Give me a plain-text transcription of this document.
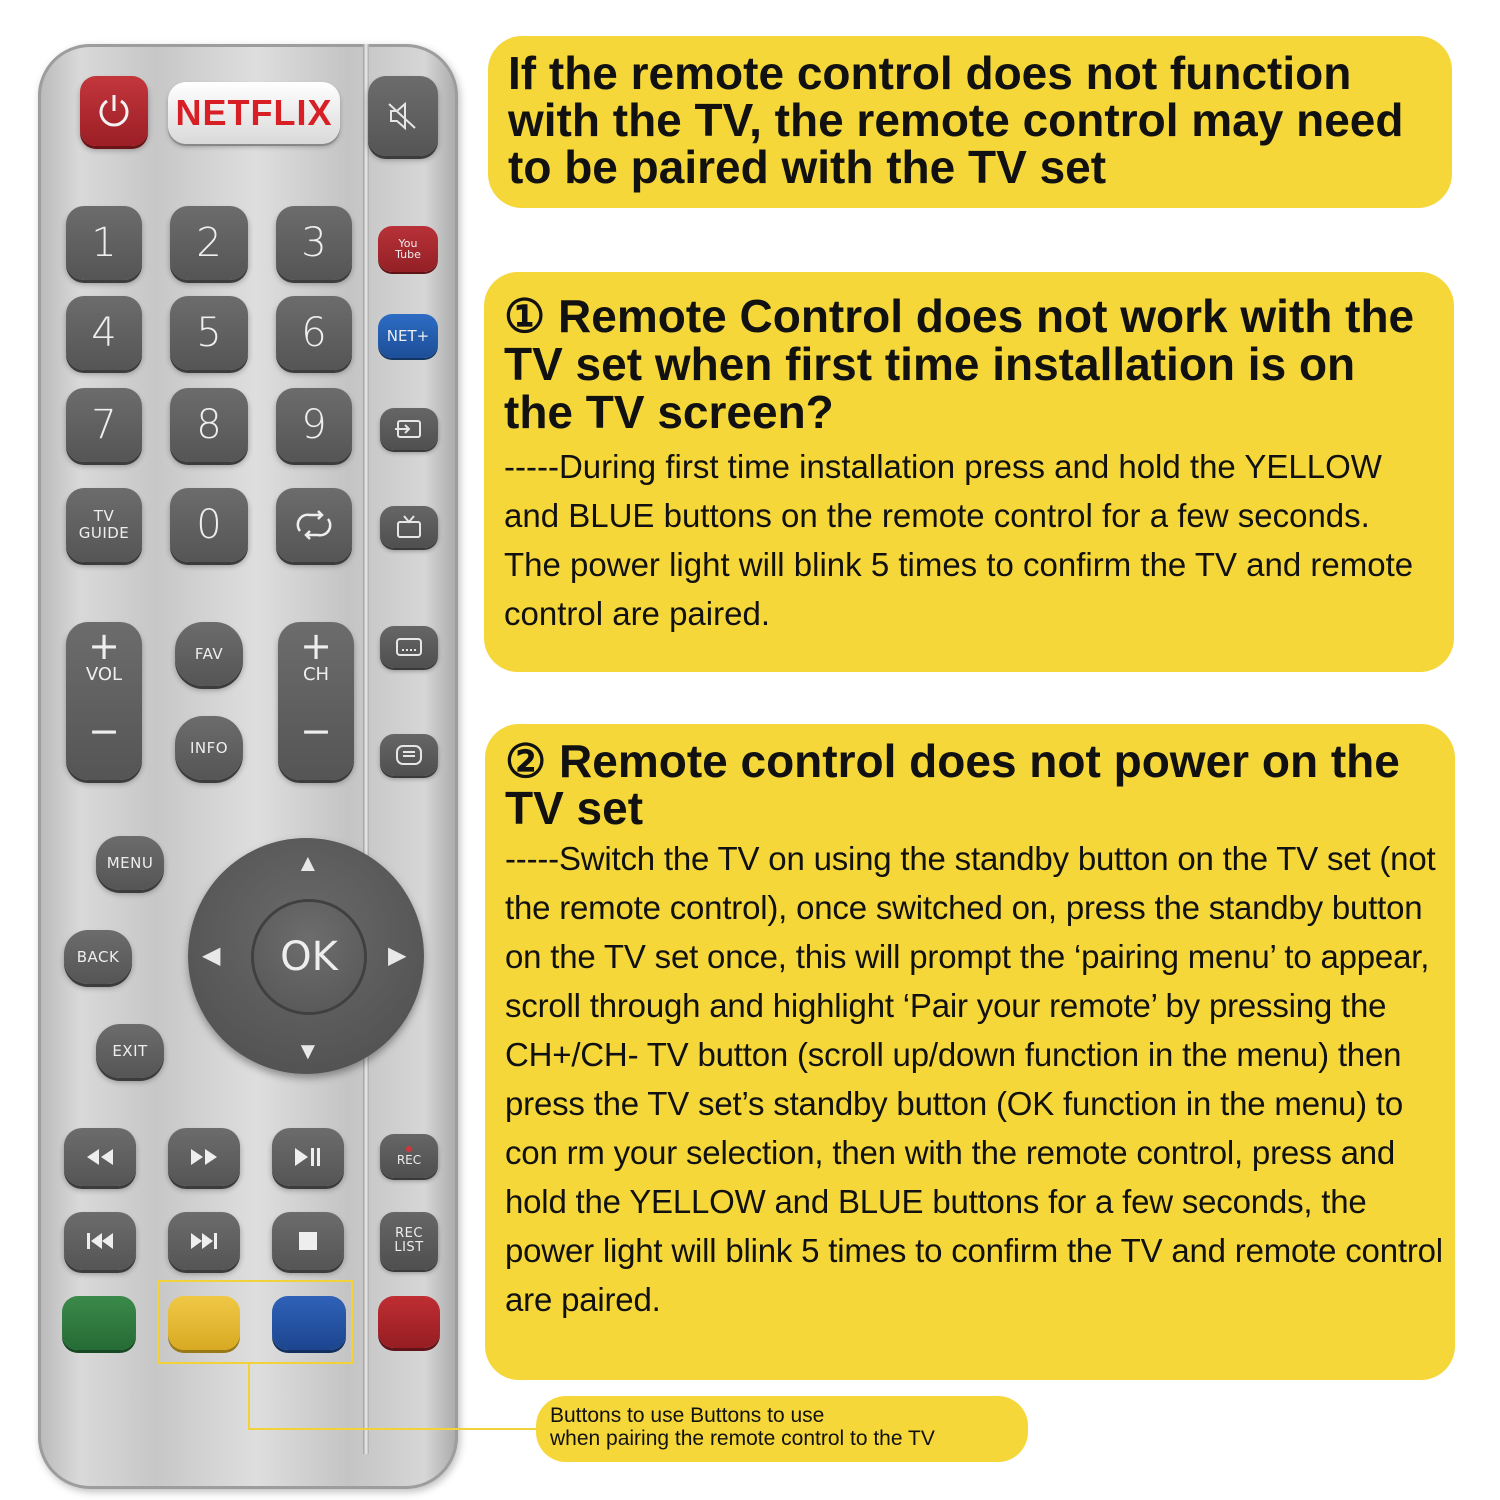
NETFLIX
1	2	3	You
Tube
4	5	6	NET+
7	8	9
TV
GUIDE	0
+
VOL
−
FAV
INFO
+
CH
−
MENU
BACK
EXIT
▲
▼
◀	▶
OK
REC
REC
LIST

If the remote control does not function with the TV, the remote control may need to be paired with the TV set

① Remote Control does not work with the TV set when first time installation is on the TV screen?

-----During first time installation press and hold the YELLOW and BLUE buttons on the remote control for a few seconds. The power light will blink 5 times to confirm the TV and remote control are paired.

② Remote control does not power on the TV set

-----Switch the TV on using the standby button on the TV set (not the remote control), once switched on, press the standby button on the TV set once, this will prompt the ‘pairing menu’ to appear, scroll through and highlight ‘Pair your remote’ by pressing the CH+/CH- TV button (scroll up/down function in the menu) then press the TV set’s standby button (OK function in the menu) to con rm your selection, then with the remote control, press and hold the YELLOW and BLUE buttons for a few seconds, the power light will blink 5 times to confirm the TV and remote control are paired.

Buttons to use Buttons to use
when pairing the remote control to the TV
